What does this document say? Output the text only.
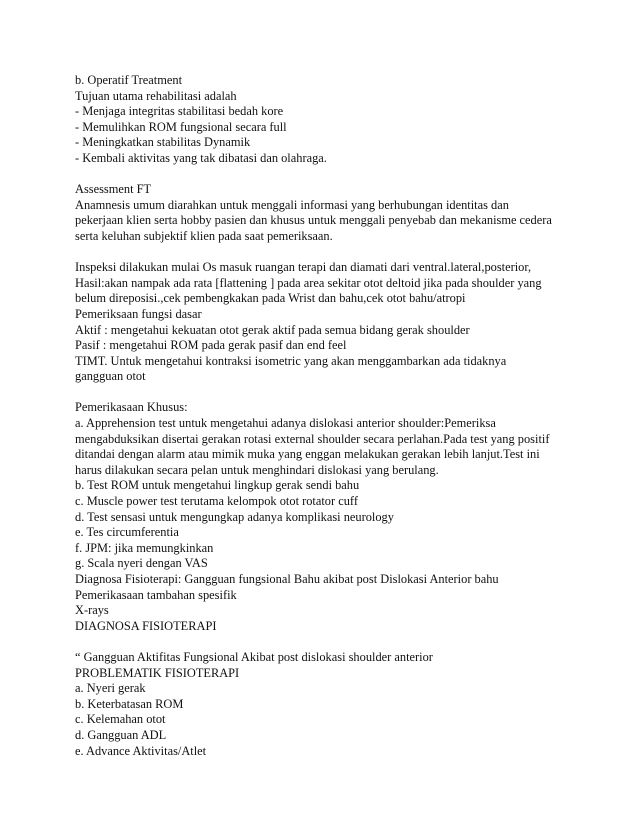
b. Operatif Treatment
Tujuan utama rehabilitasi adalah
- Menjaga integritas stabilitasi bedah kore
- Memulihkan ROM fungsional secara full
- Meningkatkan stabilitas Dynamik
- Kembali aktivitas yang tak dibatasi dan olahraga.
Assessment FT
Anamnesis umum diarahkan untuk menggali informasi yang berhubungan identitas dan
pekerjaan klien serta hobby pasien dan khusus untuk menggali penyebab dan mekanisme cedera
serta keluhan subjektif klien pada saat pemeriksaan.
Inspeksi dilakukan mulai Os masuk ruangan terapi dan diamati dari ventral.lateral,posterior,
Hasil:akan nampak ada rata [flattening ] pada area sekitar otot deltoid jika pada shoulder yang
belum direposisi.,cek pembengkakan pada Wrist dan bahu,cek otot bahu/atropi
Pemeriksaan fungsi dasar
Aktif : mengetahui kekuatan otot gerak aktif pada semua bidang gerak shoulder
Pasif : mengetahui ROM pada gerak pasif dan end feel
TIMT. Untuk mengetahui kontraksi isometric yang akan menggambarkan ada tidaknya
gangguan otot
Pemerikasaan Khusus:
a. Apprehension test untuk mengetahui adanya dislokasi anterior shoulder:Pemeriksa
mengabduksikan disertai gerakan rotasi external shoulder secara perlahan.Pada test yang positif
ditandai dengan alarm atau mimik muka yang enggan melakukan gerakan lebih lanjut.Test ini
harus dilakukan secara pelan untuk menghindari dislokasi yang berulang.
b. Test ROM untuk mengetahui lingkup gerak sendi bahu
c. Muscle power test terutama kelompok otot rotator cuff
d. Test sensasi untuk mengungkap adanya komplikasi neurology
e. Tes circumferentia
f. JPM: jika memungkinkan
g. Scala nyeri dengan VAS
Diagnosa Fisioterapi: Gangguan fungsional Bahu akibat post Dislokasi Anterior bahu
Pemerikasaan tambahan spesifik
X-rays
DIAGNOSA FISIOTERAPI
“ Gangguan Aktifitas Fungsional Akibat post dislokasi shoulder anterior
PROBLEMATIK FISIOTERAPI
a. Nyeri gerak
b. Keterbatasan ROM
c. Kelemahan otot
d. Gangguan ADL
e. Advance Aktivitas/Atlet
